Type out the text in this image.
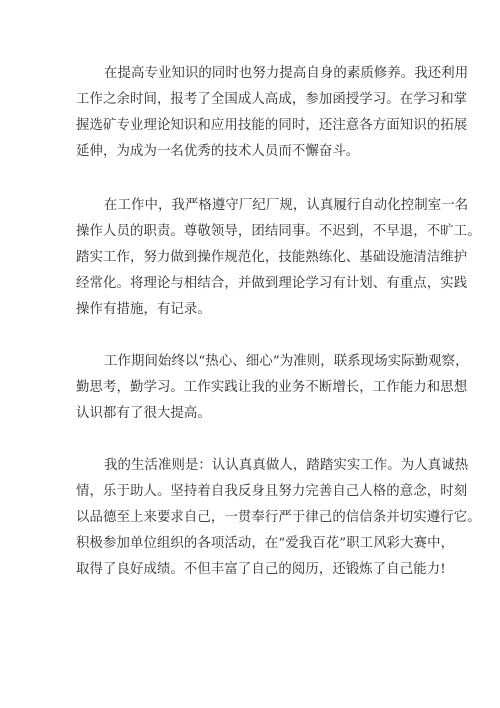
在提高专业知识的同时也努力提高自身的素质修养。我还利用
工作之余时间，报考了全国成人高成，参加函授学习。在学习和掌
握选矿专业理论知识和应用技能的同时，还注意各方面知识的拓展
延伸，为成为一名优秀的技术人员而不懈奋斗。
在工作中，我严格遵守厂纪厂规，认真履行自动化控制室一名
操作人员的职责。尊敬领导，团结同事。不迟到，不早退，不旷工。
踏实工作，努力做到操作规范化，技能熟练化、基础设施清洁维护
经常化。将理论与相结合，并做到理论学习有计划、有重点，实践
操作有措施，有记录。
工作期间始终以“热心、细心”为准则，联系现场实际勤观察，
勤思考，勤学习。工作实践让我的业务不断增长，工作能力和思想
认识都有了很大提高。
我的生活准则是：认认真真做人，踏踏实实工作。为人真诚热
情，乐于助人。坚持着自我反身且努力完善自己人格的意念，时刻
以品德至上来要求自己，一贯奉行严于律己的信信条并切实遵行它。
积极参加单位组织的各项活动，在“爱我百花”职工风彩大赛中，
取得了良好成绩。不但丰富了自己的阅历，还锻炼了自己能力!
